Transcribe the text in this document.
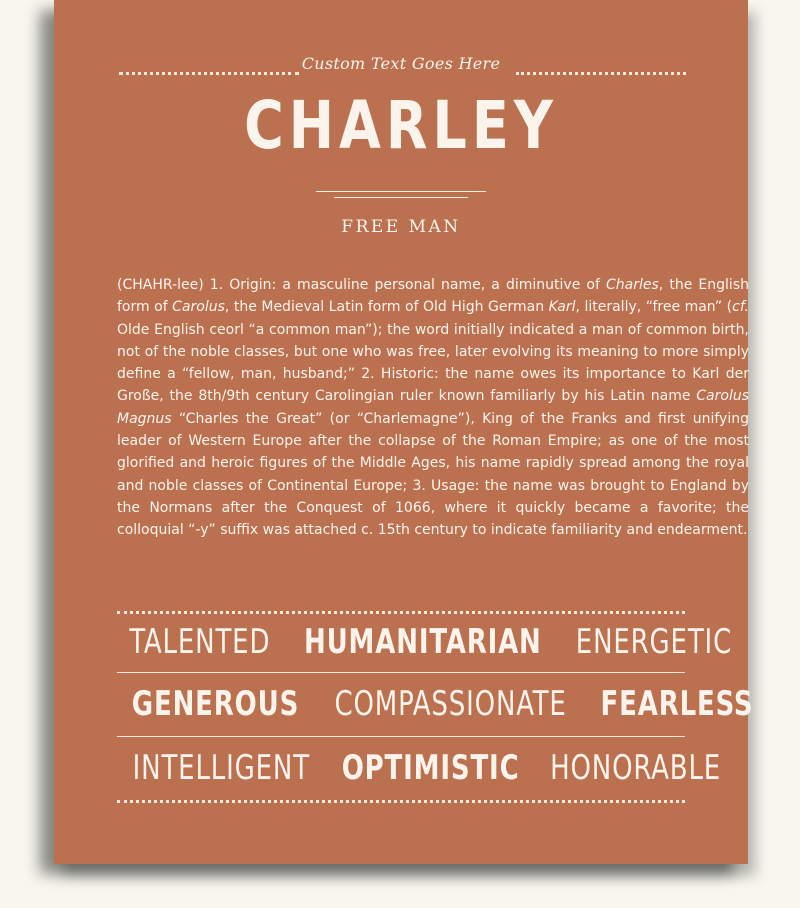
Custom Text Goes Here
CHARLEY
FREE MAN
(CHAHR-lee) 1. Origin: a masculine personal name, a diminutive of Charles, the English form of Carolus, the Medieval Latin form of Old High German Karl, literally, “free man” (cf. Olde English ceorl “a common man”); the word initially indicated a man of common birth, not of the noble classes, but one who was free, later evolving its meaning to more simply define a “fellow, man, husband;” 2. Historic: the name owes its importance to Karl der Große, the 8th/9th century Carolingian ruler known familiarly by his Latin name Carolus Magnus “Charles the Great” (or “Charlemagne”), King of the Franks and first unifying leader of Western Europe after the collapse of the Roman Empire; as one of the most glorified and heroic figures of the Middle Ages, his name rapidly spread among the royal and noble classes of Continental Europe; 3. Usage: the name was brought to England by the Normans after the Conquest of 1066, where it quickly became a favorite; the colloquial “-y” suffix was attached c. 15th century to indicate familiarity and endearment.
TALENTED HUMANITARIAN ENERGETIC
GENEROUS COMPASSIONATE FEARLESS
INTELLIGENT OPTIMISTIC HONORABLE
